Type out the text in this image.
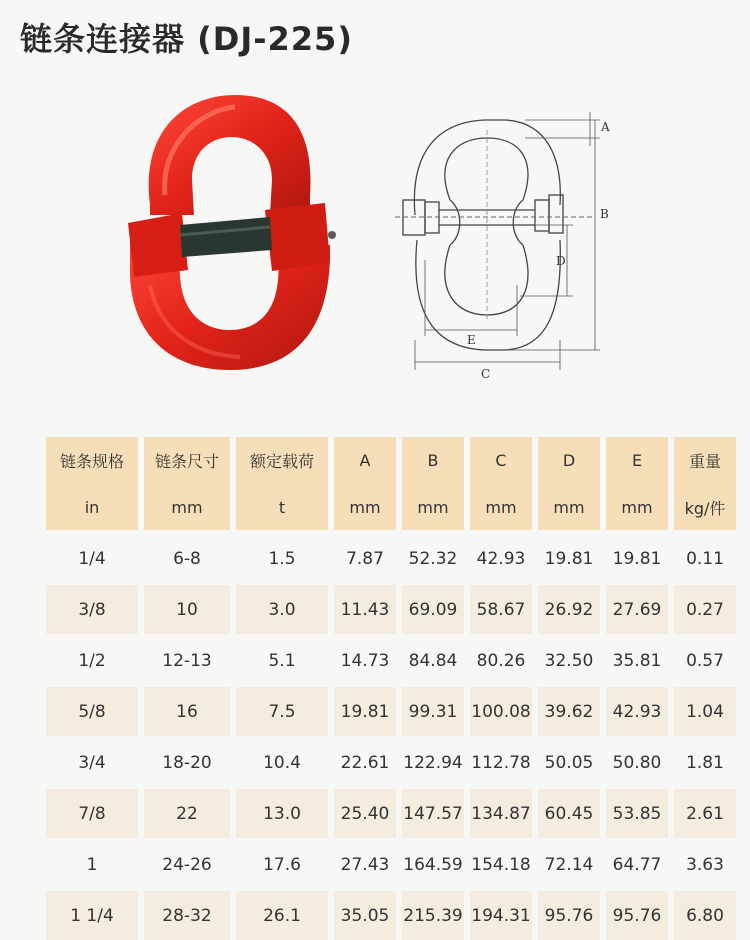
链条连接器 (DJ-225)
A
B
D
E
C
链条规格		链条尺寸		额定载荷		A		B		C		D		E		重量
in		mm		t		mm		mm		mm		mm		mm		kg/件

1/4		6-8		1.5		7.87		52.32		42.93		19.81		19.81		0.11
3/8		10		3.0		11.43		69.09		58.67		26.92		27.69		0.27
1/2		12-13		5.1		14.73		84.84		80.26		32.50		35.81		0.57
5/8		16		7.5		19.81		99.31		100.08		39.62		42.93		1.04
3/4		18-20		10.4		22.61		122.94		112.78		50.05		50.80		1.81
7/8		22		13.0		25.40		147.57		134.87		60.45		53.85		2.61
1		24-26		17.6		27.43		164.59		154.18		72.14		64.77		3.63
1 1/4		28-32		26.1		35.05		215.39		194.31		95.76		95.76		6.80
